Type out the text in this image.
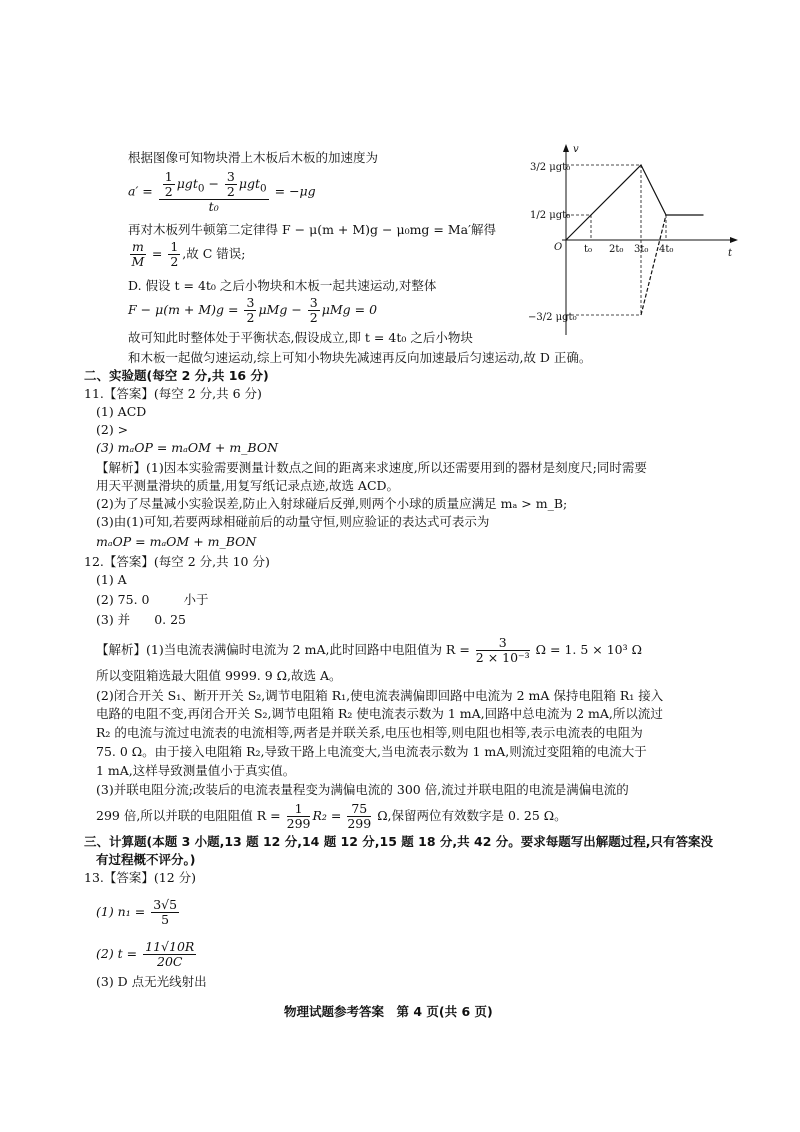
根据图像可知物块滑上木板后木板的加速度为
$a' = \frac{\frac{1}{2} \mu gt_0 - \frac{3}{2} \mu gt_0}{\text{t₀}} = -\mu g$
再对木板列牛顿第二定律得 F − μ(m + M)g − μ₀mg = Ma′解得
$\frac{m}{M} = \frac{1}{2}$ ,故 C 错误;
D. 假设 t = 4t₀ 之后小物块和木板一起共速运动,对整体
$F - \mu(m + M)g = \frac{3}{2}$ $\mu Mg - \frac{3}{2}$ μMg = 0
故可知此时整体处于平衡状态,假设成立,即 t = 4t₀ 之后小物块
和木板一起做匀速运动,综上可知小物块先减速再反向加速最后匀速运动,故 D 正确。
v
t
O
3/2 μgt₀
1/2 μgt₀
−3/2 μgt₀
t₀ 2t₀ 3t₀ 4t₀
二、实验题(每空 2 分,共 16 分)
11.【答案】(每空 2 分,共 6 分)
(1) ACD
(2) >
(3) mₐOP = mₐOM + m_BON
【解析】(1)因本实验需要测量计数点之间的距离来求速度,所以还需要用到的器材是刻度尺;同时需要
用天平测量滑块的质量,用复写纸记录点迹,故选 ACD。
(2)为了尽量减小实验误差,防止入射球碰后反弹,则两个小球的质量应满足 mₐ > m_B;
(3)由(1)可知,若要两球相碰前后的动量守恒,则应验证的表达式可表示为
mₐOP = mₐOM + m_BON
12.【答案】(每空 2 分,共 10 分)
(1) A
(2) 75. 0	小于
(3) 并 0. 25
【解析】(1)当电流表满偏时电流为 2 mA,此时回路中电阻值为 $R = \frac{3}{\text{2 × 10⁻³}}$ Ω = 1. 5 × 10³ Ω
所以变阻箱选最大阻值 9999. 9 Ω,故选 A。
(2)闭合开关 S₁、断开开关 S₂,调节电阻箱 R₁,使电流表满偏即回路中电流为 2 mA 保持电阻箱 R₁ 接入
电路的电阻不变,再闭合开关 S₂,调节电阻箱 R₂ 使电流表示数为 1 mA,回路中总电流为 2 mA,所以流过
R₂ 的电流与流过电流表的电流相等,两者是并联关系,电压也相等,则电阻也相等,表示电流表的电阻为
75. 0 Ω。由于接入电阻箱 R₂,导致干路上电流变大,当电流表示数为 1 mA,则流过变阻箱的电流大于
1 mA,这样导致测量值小于真实值。
(3)并联电阻分流;改装后的电流表量程变为满偏电流的 300 倍,流过并联电阻的电流是满偏电流的
299 倍,所以并联的电阻阻值 $R = \frac{1}{299} R_2 = \frac{75}{299} \Omega$,保留两位有效数字是 0. 25 Ω。
三、计算题(本题 3 小题,13 题 12 分,14 题 12 分,15 题 18 分,共 42 分。要求每题写出解题过程,只有答案没
有过程概不评分。)
13.【答案】(12 分)
(1) $n_1 = \frac{3√5}{5}$
(2) $t = \frac{11√10R}{20C}$
(3) D 点无光线射出
物理试题参考答案　第 4 页(共 6 页)
